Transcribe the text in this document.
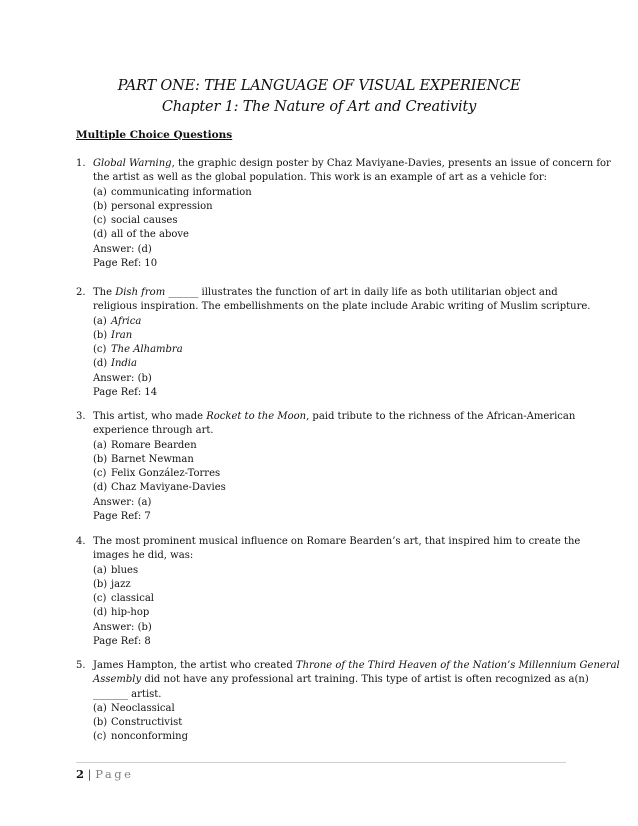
PART ONE: THE LANGUAGE OF VISUAL EXPERIENCE
Chapter 1: The Nature of Art and Creativity
Multiple Choice Questions
1. Global Warning, the graphic design poster by Chaz Maviyane-Davies, presents an issue of concern for
the artist as well as the global population. This work is an example of art as a vehicle for:
(a) communicating information
(b) personal expression
(c) social causes
(d) all of the above
Answer: (d)
Page Ref: 10
2. The Dish from ______ illustrates the function of art in daily life as both utilitarian object and
religious inspiration. The embellishments on the plate include Arabic writing of Muslim scripture.
(a) Africa
(b) Iran
(c) The Alhambra
(d) India
Answer: (b)
Page Ref: 14
3. This artist, who made Rocket to the Moon, paid tribute to the richness of the African-American
experience through art.
(a) Romare Bearden
(b) Barnet Newman
(c) Felix González-Torres
(d) Chaz Maviyane-Davies
Answer: (a)
Page Ref: 7
4. The most prominent musical influence on Romare Bearden’s art, that inspired him to create the
images he did, was:
(a) blues
(b) jazz
(c) classical
(d) hip-hop
Answer: (b)
Page Ref: 8
5. James Hampton, the artist who created Throne of the Third Heaven of the Nation’s Millennium General
Assembly did not have any professional art training. This type of artist is often recognized as a(n)
_______ artist.
(a) Neoclassical
(b) Constructivist
(c) nonconforming
2 | Page
